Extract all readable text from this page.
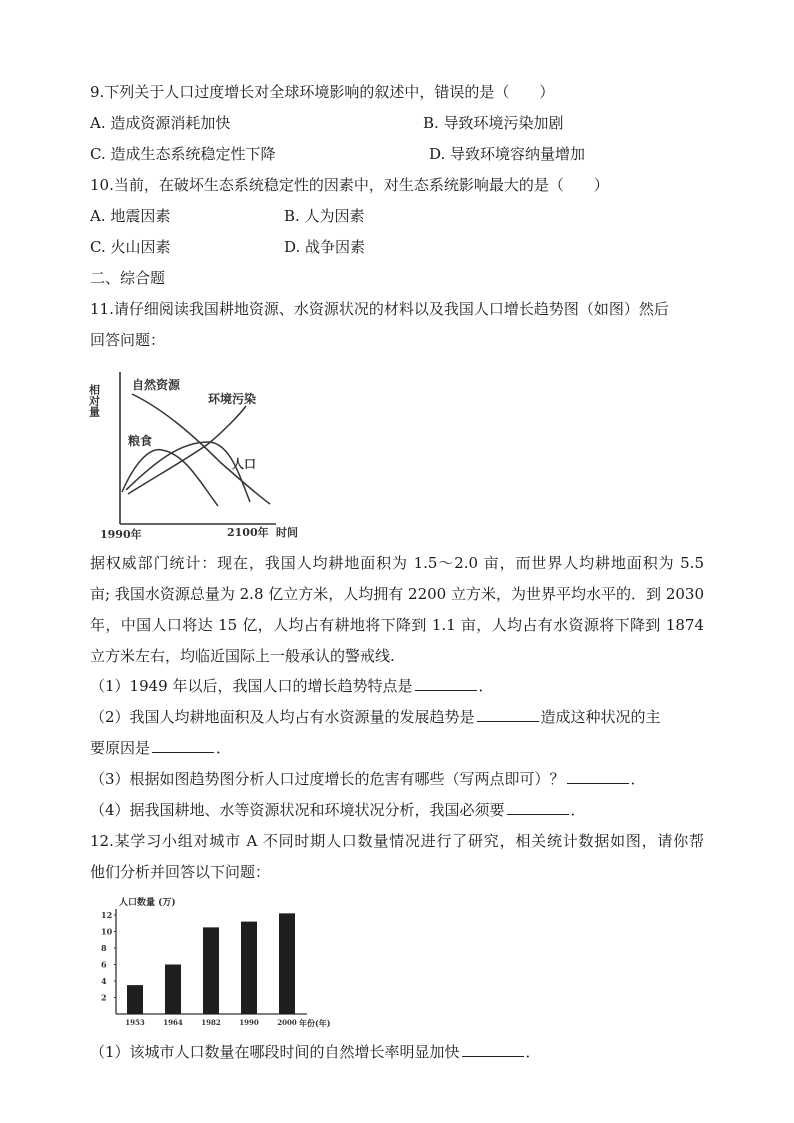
9.下列关于人口过度增长对全球环境影响的叙述中，错误的是（　　）
A. 造成资源消耗加快	B. 导致环境污染加剧
C. 造成生态系统稳定性下降	D. 导致环境容纳量增加
10.当前，在破坏生态系统稳定性的因素中，对生态系统影响最大的是（　　）
A. 地震因素	B. 人为因素
C. 火山因素	D. 战争因素
二、综合题
11.请仔细阅读我国耕地资源、水资源状况的材料以及我国人口增长趋势图（如图）然后
回答问题：
相对量	自然资源
环境污染
粮食
人口
1990年	2100年 时间
据权威部门统计：现在，我国人均耕地面积为 1.5～2.0 亩，而世界人均耕地面积为 5.5
亩; 我国水资源总量为 2.8 亿立方米，人均拥有 2200 立方米，为世界平均水平的．到 2030
年，中国人口将达 15 亿，人均占有耕地将下降到 1.1 亩，人均占有水资源将下降到 1874
立方米左右，均临近国际上一般承认的警戒线.
（1）1949 年以后，我国人口的增长趋势特点是	．
（2）我国人均耕地面积及人均占有水资源量的发展趋势是	造成这种状况的主
要原因是	．
（3）根据如图趋势图分析人口过度增长的危害有哪些（写两点即可）？	．
（4）据我国耕地、水等资源状况和环境状况分析，我国必须要	．
12.某学习小组对城市 A 不同时期人口数量情况进行了研究，相关统计数据如图，请你帮
他们分析并回答以下问题：
人口数量 (万)
2
4
6
8
10
12
1953	1964	1982	1990	2000 年份(年)
（1）该城市人口数量在哪段时间的自然增长率明显加快	．
